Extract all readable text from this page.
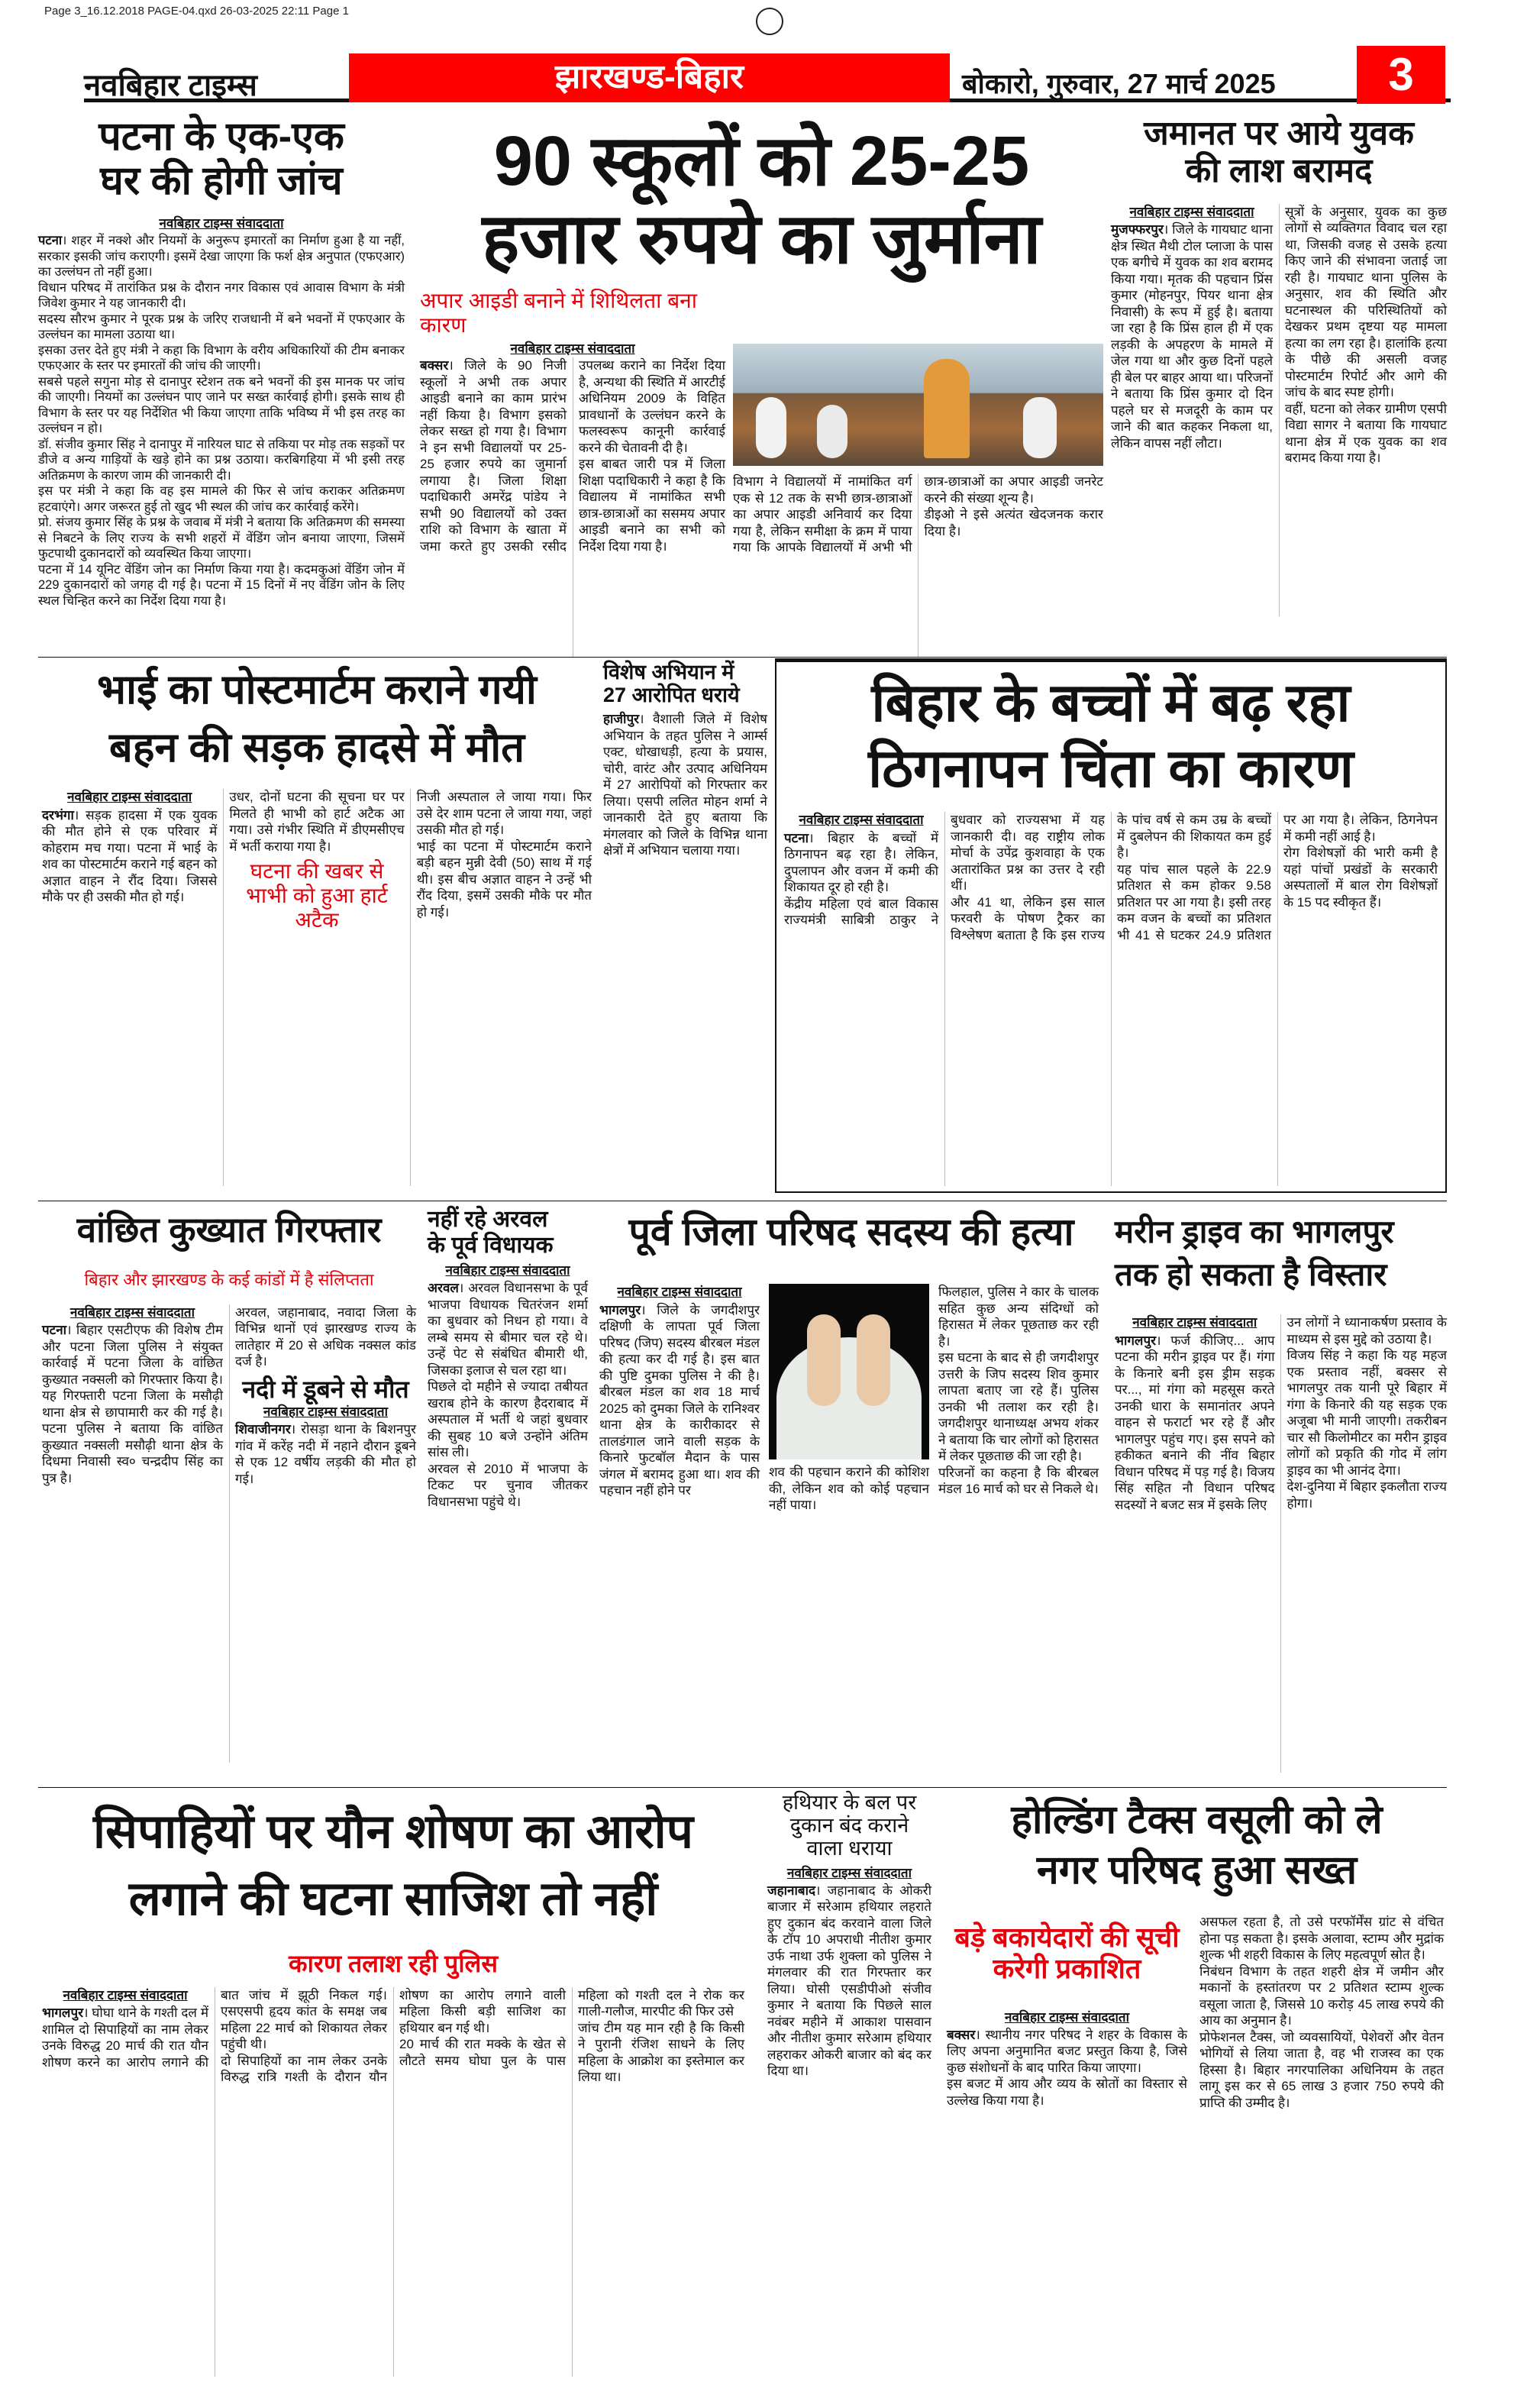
Page 3_16.12.2018 PAGE-04.qxd 26-03-2025 22:11 Page 1
नवबिहार टाइम्स	झारखण्ड-बिहार	बोकारो, गुरुवार, 27 मार्च 2025	3
पटना के एक-एक
घर की होगी जांच
नवबिहार टाइम्स संवाददाता

पटना। शहर में नक्शे और नियमों के अनुरूप इमारतों का निर्माण हुआ है या नहीं, सरकार इसकी जांच कराएगी। इसमें देखा जाएगा कि फर्श क्षेत्र अनुपात (एफएआर) का उल्लंघन तो नहीं हुआ।

विधान परिषद में तारांकित प्रश्न के दौरान नगर विकास एवं आवास विभाग के मंत्री जिवेश कुमार ने यह जानकारी दी।

सदस्य सौरभ कुमार ने पूरक प्रश्न के जरिए राजधानी में बने भवनों में एफएआर के उल्लंघन का मामला उठाया था।

इसका उत्तर देते हुए मंत्री ने कहा कि विभाग के वरीय अधिकारियों की टीम बनाकर एफएआर के स्तर पर इमारतों की जांच की जाएगी।

सबसे पहले सगुना मोड़ से दानापुर स्टेशन तक बने भवनों की इस मानक पर जांच की जाएगी। नियमों का उल्लंघन पाए जाने पर सख्त कार्रवाई होगी। इसके साथ ही विभाग के स्तर पर यह निर्देशित भी किया जाएगा ताकि भविष्य में भी इस तरह का उल्लंघन न हो।

डॉ. संजीव कुमार सिंह ने दानापुर में नारियल घाट से तकिया पर मोड़ तक सड़कों पर डीजे व अन्य गाड़ियों के खड़े होने का प्रश्न उठाया। करबिगहिया में भी इसी तरह अतिक्रमण के कारण जाम की जानकारी दी।

इस पर मंत्री ने कहा कि वह इस मामले की फिर से जांच कराकर अतिक्रमण हटवाएंगे। अगर जरूरत हुई तो खुद भी स्थल की जांच कर कार्रवाई करेंगे।

प्रो. संजय कुमार सिंह के प्रश्न के जवाब में मंत्री ने बताया कि अतिक्रमण की समस्या से निबटने के लिए राज्य के सभी शहरों में वेंडिंग जोन बनाया जाएगा, जिसमें फुटपाथी दुकानदारों को व्यवस्थित किया जाएगा।

पटना में 14 यूनिट वेंडिंग जोन का निर्माण किया गया है। कदमकुआं वेंडिंग जोन में 229 दुकानदारों को जगह दी गई है। पटना में 15 दिनों में नए वेंडिंग जोन के लिए स्थल चिन्हित करने का निर्देश दिया गया है।

90 स्कूलों को 25-25
हजार रुपये का जुर्माना
अपार आइडी बनाने में शिथिलता बना कारण
नवबिहार टाइम्स संवाददाता

बक्सर। जिले के 90 निजी स्कूलों ने अभी तक अपार आइडी बनाने का काम प्रारंभ नहीं किया है। विभाग इसको लेकर सख्त हो गया है। विभाग ने इन सभी विद्यालयों पर 25-25 हजार रुपये का जुमार्ना लगाया है। जिला शिक्षा पदाधिकारी अमरेंद्र पांडेय ने सभी 90 विद्यालयों को उक्त राशि को विभाग के खाता में जमा करते हुए उसकी रसीद उपलब्ध कराने का निर्देश दिया है, अन्यथा की स्थिति में आरटीई अधिनियम 2009 के विहित प्रावधानों के उल्लंघन करने के फलस्वरूप कानूनी कार्रवाई करने की चेतावनी दी है।

इस बाबत जारी पत्र में जिला शिक्षा पदाधिकारी ने कहा है कि विद्यालय में नामांकित सभी छात्र-छात्राओं का ससमय अपार आइडी बनाने का सभी को निर्देश दिया गया है।

विभाग ने विद्यालयों में नामांकित वर्ग एक से 12 तक के सभी छात्र-छात्राओं का अपार आइडी अनिवार्य कर दिया गया है, लेकिन समीक्षा के क्रम में पाया गया कि आपके विद्यालयों में अभी भी छात्र-छात्राओं का अपार आइडी जनरेट करने की संख्या शून्य है।

डीइओ ने इसे अत्यंत खेदजनक करार दिया है।

जमानत पर आये युवक
की लाश बरामद
नवबिहार टाइम्स संवाददाता

मुजफ्फरपुर। जिले के गायघाट थाना क्षेत्र स्थित मैथी टोल प्लाजा के पास एक बगीचे में युवक का शव बरामद किया गया। मृतक की पहचान प्रिंस कुमार (मोहनपुर, पियर थाना क्षेत्र निवासी) के रूप में हुई है। बताया जा रहा है कि प्रिंस हाल ही में एक लड़की के अपहरण के मामले में जेल गया था और कुछ दिनों पहले ही बेल पर बाहर आया था। परिजनों ने बताया कि प्रिंस कुमार दो दिन पहले घर से मजदूरी के काम पर जाने की बात कहकर निकला था, लेकिन वापस नहीं लौटा।

सूत्रों के अनुसार, युवक का कुछ लोगों से व्यक्तिगत विवाद चल रहा था, जिसकी वजह से उसके हत्या किए जाने की संभावना जताई जा रही है। गायघाट थाना पुलिस के अनुसार, शव की स्थिति और घटनास्थल की परिस्थितियों को देखकर प्रथम दृष्टया यह मामला हत्या का लग रहा है। हालांकि हत्या के पीछे की असली वजह पोस्टमार्टम रिपोर्ट और आगे की जांच के बाद स्पष्ट होगी।

वहीं, घटना को लेकर ग्रामीण एसपी विद्या सागर ने बताया कि गायघाट थाना क्षेत्र में एक युवक का शव बरामद किया गया है।

भाई का पोस्टमार्टम कराने गयी
बहन की सड़क हादसे में मौत
नवबिहार टाइम्स संवाददाता

दरभंगा। सड़क हादसा में एक युवक की मौत होने से एक परिवार में कोहराम मच गया। पटना में भाई के शव का पोस्टमार्टम कराने गई बहन को अज्ञात वाहन ने रौंद दिया। जिससे मौके पर ही उसकी मौत हो गई।

उधर, दोनों घटना की सूचना घर पर मिलते ही भाभी को हार्ट अटैक आ गया। उसे गंभीर स्थिति में डीएमसीएच में भर्ती कराया गया है।

घटना की खबर से भाभी को हुआ हार्ट अटैक

निजी अस्पताल ले जाया गया। फिर उसे देर शाम पटना ले जाया गया, जहां उसकी मौत हो गई।

भाई का पटना में पोस्टमार्टम कराने बड़ी बहन मुन्नी देवी (50) साथ में गई थी। इस बीच अज्ञात वाहन ने उन्हें भी रौंद दिया, इसमें उसकी मौके पर मौत हो गई।

विशेष अभियान में
27 आरोपित धराये

हाजीपुर। वैशाली जिले में विशेष अभियान के तहत पुलिस ने आर्म्स एक्ट, धोखाधड़ी, हत्या के प्रयास, चोरी, वारंट और उत्पाद अधिनियम में 27 आरोपियों को गिरफ्तार कर लिया। एसपी ललित मोहन शर्मा ने जानकारी देते हुए बताया कि मंगलवार को जिले के विभिन्न थाना क्षेत्रों में अभियान चलाया गया।

बिहार के बच्चों में बढ़ रहा
ठिगनापन चिंता का कारण
नवबिहार टाइम्स संवाददाता

पटना। बिहार के बच्चों में ठिगनापन बढ़ रहा है। लेकिन, दुपलापन और वजन में कमी की शिकायत दूर हो रही है।

केंद्रीय महिला एवं बाल विकास राज्यमंत्री साबित्री ठाकुर ने बुधवार को राज्यसभा में यह जानकारी दी। वह राष्ट्रीय लोक मोर्चा के उपेंद्र कुशवाहा के एक अतारांकित प्रश्न का उत्तर दे रही थीं।

और 41 था, लेकिन इस साल फरवरी के पोषण ट्रैकर का विश्लेषण बताता है कि इस राज्य के पांच वर्ष से कम उम्र के बच्चों में दुबलेपन की शिकायत कम हुई है।

यह पांच साल पहले के 22.9 प्रतिशत से कम होकर 9.58 प्रतिशत पर आ गया है। इसी तरह कम वजन के बच्चों का प्रतिशत भी 41 से घटकर 24.9 प्रतिशत पर आ गया है। लेकिन, ठिगनेपन में कमी नहीं आई है।

रोग विशेषज्ञों की भारी कमी है यहां पांचों प्रखंडों के सरकारी अस्पतालों में बाल रोग विशेषज्ञों के 15 पद स्वीकृत हैं।

वांछित कुख्यात गिरफ्तार
बिहार और झारखण्ड के कई कांडों में है संलिप्तता
नवबिहार टाइम्स संवाददाता

पटना। बिहार एसटीएफ की विशेष टीम और पटना जिला पुलिस ने संयुक्त कार्रवाई में पटना जिला के वांछित कुख्यात नक्सली को गिरफ्तार किया है। यह गिरफ्तारी पटना जिला के मसौढ़ी थाना क्षेत्र से छापामारी कर की गई है। पटना पुलिस ने बताया कि वांछित कुख्यात नक्सली मसौढ़ी थाना क्षेत्र के दिधमा निवासी स्व० चन्द्रदीप सिंह का पुत्र है।

अरवल, जहानाबाद, नवादा जिला के विभिन्न थानों एवं झारखण्ड राज्य के लातेहार में 20 से अधिक नक्सल कांड दर्ज है।

नदी में डूबने से मौत
नवबिहार टाइम्स संवाददाता

शिवाजीनगर। रोसड़ा थाना के बिशनपुर गांव में करेंह नदी में नहाने दौरान डूबने से एक 12 वर्षीय लड़की की मौत हो गई।

नहीं रहे अरवल
के पूर्व विधायक
नवबिहार टाइम्स संवाददाता

अरवल। अरवल विधानसभा के पूर्व भाजपा विधायक चितरंजन शर्मा का बुधवार को निधन हो गया। वे लम्बे समय से बीमार चल रहे थे। उन्हें पेट से संबंधित बीमारी थी, जिसका इलाज से चल रहा था।

पिछले दो महीने से ज्यादा तबीयत खराब होने के कारण हैदराबाद में अस्पताल में भर्ती थे जहां बुधवार की सुबह 10 बजे उन्होंने अंतिम सांस ली।

अरवल से 2010 में भाजपा के टिकट पर चुनाव जीतकर विधानसभा पहुंचे थे।

पूर्व जिला परिषद सदस्य की हत्या
नवबिहार टाइम्स संवाददाता

भागलपुर। जिले के जगदीशपुर दक्षिणी के लापता पूर्व जिला परिषद (जिप) सदस्य बीरबल मंडल की हत्या कर दी गई है। इस बात की पुष्टि दुमका पुलिस ने की है। बीरबल मंडल का शव 18 मार्च 2025 को दुमका जिले के रानिश्वर थाना क्षेत्र के कारीकादर से तालडंगाल जाने वाली सड़क के किनारे फुटबॉल मैदान के पास जंगल में बरामद हुआ था। शव की पहचान नहीं होने पर

शव की पहचान कराने की कोशिश की, लेकिन शव को कोई पहचान नहीं पाया।

फिलहाल, पुलिस ने कार के चालक सहित कुछ अन्य संदिग्धों को हिरासत में लेकर पूछताछ कर रही है।

इस घटना के बाद से ही जगदीशपुर उत्तरी के जिप सदस्य शिव कुमार लापता बताए जा रहे हैं। पुलिस उनकी भी तलाश कर रही है। जगदीशपुर थानाध्यक्ष अभय शंकर ने बताया कि चार लोगों को हिरासत में लेकर पूछताछ की जा रही है।

परिजनों का कहना है कि बीरबल मंडल 16 मार्च को घर से निकले थे।

मरीन ड्राइव का भागलपुर
तक हो सकता है विस्तार
नवबिहार टाइम्स संवाददाता

भागलपुर। फर्ज कीजिए... आप पटना की मरीन ड्राइव पर हैं। गंगा के किनारे बनी इस ड्रीम सड़क पर..., मां गंगा को महसूस करते उनकी धारा के समानांतर अपने वाहन से फरार्टा भर रहे हैं और भागलपुर पहुंच गए। इस सपने को हकीकत बनाने की नींव बिहार विधान परिषद में पड़ गई है। विजय सिंह सहित नौ विधान परिषद सदस्यों ने बजट सत्र में इसके लिए

उन लोगों ने ध्यानाकर्षण प्रस्ताव के माध्यम से इस मुद्दे को उठाया है।

विजय सिंह ने कहा कि यह महज एक प्रस्ताव नहीं, बक्सर से भागलपुर तक यानी पूरे बिहार में गंगा के किनारे की यह सड़क एक अजूबा भी मानी जाएगी। तकरीबन चार सौ किलोमीटर का मरीन ड्राइव लोगों को प्रकृति की गोद में लांग ड्राइव का भी आनंद देगा।

देश-दुनिया में बिहार इकलौता राज्य होगा।

सिपाहियों पर यौन शोषण का आरोप
लगाने की घटना साजिश तो नहीं
कारण तलाश रही पुलिस
नवबिहार टाइम्स संवाददाता

भागलपुर। घोघा थाने के गश्ती दल में शामिल दो सिपाहियों का नाम लेकर उनके विरुद्ध 20 मार्च की रात यौन शोषण करने का आरोप लगाने की बात जांच में झूठी निकल गई। एसएसपी हृदय कांत के समक्ष जब महिला 22 मार्च को शिकायत लेकर पहुंची थी।

दो सिपाहियों का नाम लेकर उनके विरुद्ध रात्रि गश्ती के दौरान यौन शोषण का आरोप लगाने वाली महिला किसी बड़ी साजिश का हथियार बन गई थी।

20 मार्च की रात मक्के के खेत से लौटते समय घोघा पुल के पास महिला को गश्ती दल ने रोक कर गाली-गलौज, मारपीट की फिर उसे

जांच टीम यह मान रही है कि किसी ने पुरानी रंजिश साधने के लिए महिला के आक्रोश का इस्तेमाल कर लिया था।

हथियार के बल पर
दुकान बंद कराने
वाला धराया
नवबिहार टाइम्स संवाददाता

जहानाबाद। जहानाबाद के ओकरी बाजार में सरेआम हथियार लहराते हुए दुकान बंद करवाने वाला जिले के टॉप 10 अपराधी नीतीश कुमार उर्फ नाथा उर्फ शुक्ला को पुलिस ने मंगलवार की रात गिरफ्तार कर लिया। घोसी एसडीपीओ संजीव कुमार ने बताया कि पिछले साल नवंबर महीने में आकाश पासवान और नीतीश कुमार सरेआम हथियार लहराकर ओकरी बाजार को बंद कर दिया था।

होल्डिंग टैक्स वसूली को ले
नगर परिषद हुआ सख्त
बड़े बकायेदारों की सूची करेगी प्रकाशित
नवबिहार टाइम्स संवाददाता

बक्सर। स्थानीय नगर परिषद ने शहर के विकास के लिए अपना अनुमानित बजट प्रस्तुत किया है, जिसे कुछ संशोधनों के बाद पारित किया जाएगा।

इस बजट में आय और व्यय के स्रोतों का विस्तार से उल्लेख किया गया है।

असफल रहता है, तो उसे परफॉर्मेंस ग्रांट से वंचित होना पड़ सकता है। इसके अलावा, स्टाम्प और मुद्रांक शुल्क भी शहरी विकास के लिए महत्वपूर्ण स्रोत है।

निबंधन विभाग के तहत शहरी क्षेत्र में जमीन और मकानों के हस्तांतरण पर 2 प्रतिशत स्टाम्प शुल्क वसूला जाता है, जिससे 10 करोड़ 45 लाख रुपये की आय का अनुमान है।

प्रोफेशनल टैक्स, जो व्यवसायियों, पेशेवरों और वेतन भोगियों से लिया जाता है, वह भी राजस्व का एक हिस्सा है। बिहार नगरपालिका अधिनियम के तहत लागू इस कर से 65 लाख 3 हजार 750 रुपये की प्राप्ति की उम्मीद है।
